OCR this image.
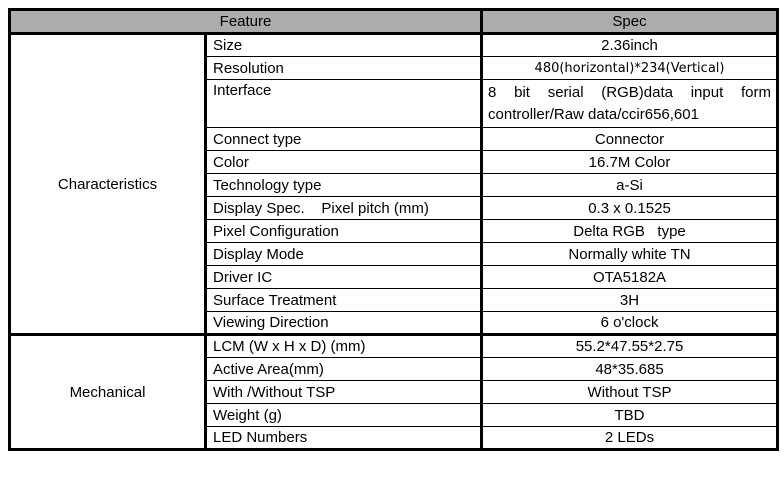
Feature		Spec
Characteristics	Size	2.36inch
	Resolution	480(horizontal)*234(Vertical)
	Interface	8 bit serial (RGB)data input form controller/Raw data/ccir656,601
	Connect type	Connector
	Color	16.7M Color
	Technology type	a-Si
	Display Spec.    Pixel pitch (mm)	0.3 x 0.1525
	Pixel Configuration	Delta RGB   type
	Display Mode	Normally white TN
	Driver IC	OTA5182A
	Surface Treatment	3H
	Viewing Direction	6 o'clock
Mechanical	LCM (W x H x D) (mm)	55.2*47.55*2.75
	Active Area(mm)	48*35.685
	With /Without TSP	Without TSP
	Weight (g)	TBD
	LED Numbers	2 LEDs
